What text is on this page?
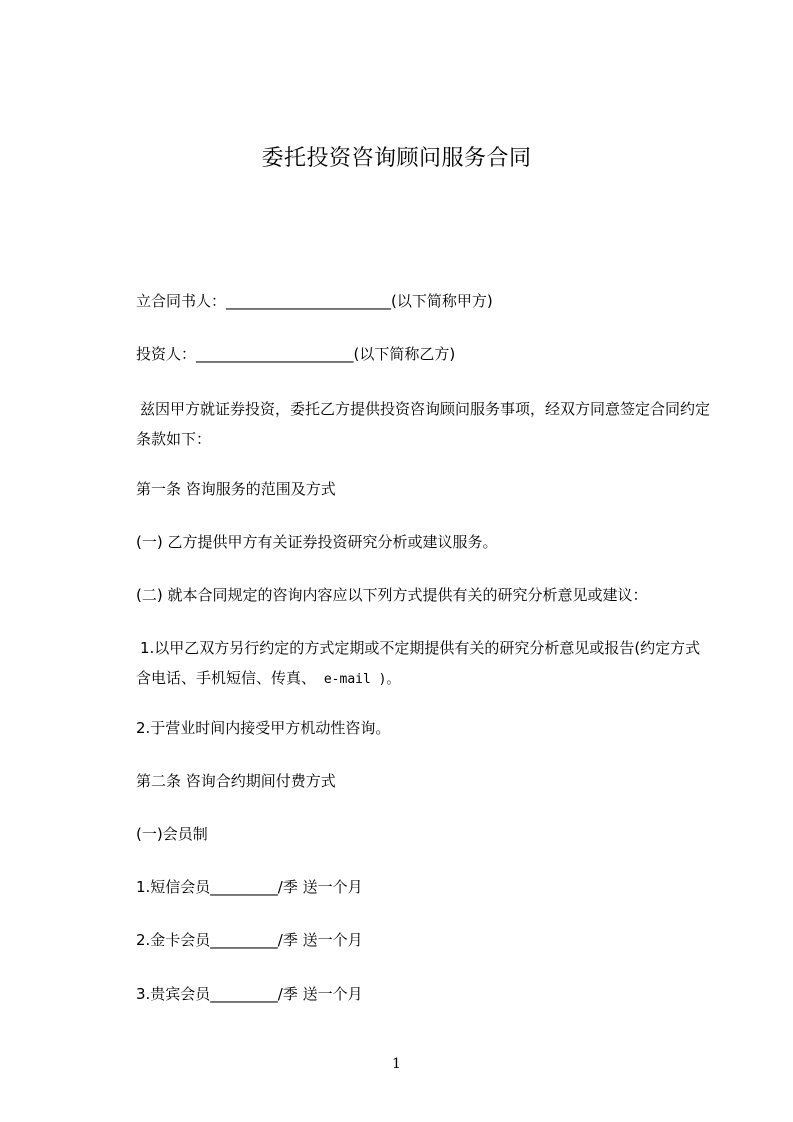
委托投资咨询顾问服务合同

立合同书人：______________________(以下简称甲方)

投资人：_____________________(以下简称乙方)

兹因甲方就证券投资，委托乙方提供投资咨询顾问服务事项，经双方同意签定合同约定条款如下：

第一条 咨询服务的范围及方式

(一) 乙方提供甲方有关证券投资研究分析或建议服务。

(二) 就本合同规定的咨询内容应以下列方式提供有关的研究分析意见或建议：

1.以甲乙双方另行约定的方式定期或不定期提供有关的研究分析意见或报告(约定方式含电话、手机短信、传真、 e-mail )。

2.于营业时间内接受甲方机动性咨询。

第二条 咨询合约期间付费方式

(一)会员制

1.短信会员_________/季 送一个月

2.金卡会员_________/季 送一个月

3.贵宾会员_________/季 送一个月

1
